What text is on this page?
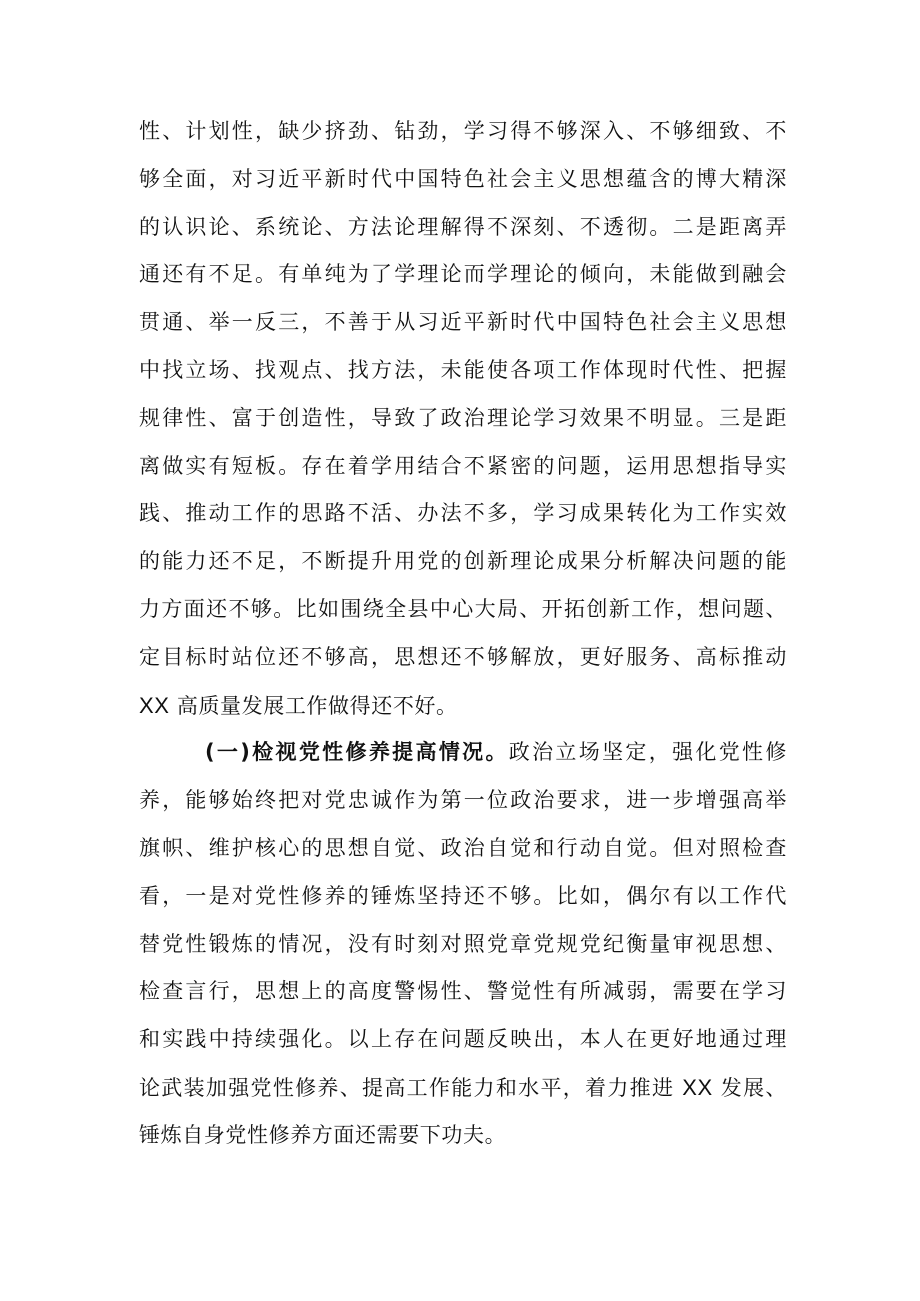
性、计划性，缺少挤劲、钻劲，学习得不够深入、不够细致、不
够全面，对习近平新时代中国特色社会主义思想蕴含的博大精深
的认识论、系统论、方法论理解得不深刻、不透彻。二是距离弄
通还有不足。有单纯为了学理论而学理论的倾向，未能做到融会
贯通、举一反三，不善于从习近平新时代中国特色社会主义思想
中找立场、找观点、找方法，未能使各项工作体现时代性、把握
规律性、富于创造性，导致了政治理论学习效果不明显。三是距
离做实有短板。存在着学用结合不紧密的问题，运用思想指导实
践、推动工作的思路不活、办法不多，学习成果转化为工作实效
的能力还不足，不断提升用党的创新理论成果分析解决问题的能
力方面还不够。比如围绕全县中心大局、开拓创新工作，想问题、
定目标时站位还不够高，思想还不够解放，更好服务、高标推动
XX 高质量发展工作做得还不好。
(一)检视党性修养提高情况。政治立场坚定，强化党性修
养，能够始终把对党忠诚作为第一位政治要求，进一步增强高举
旗帜、维护核心的思想自觉、政治自觉和行动自觉。但对照检查
看，一是对党性修养的锤炼坚持还不够。比如，偶尔有以工作代
替党性锻炼的情况，没有时刻对照党章党规党纪衡量审视思想、
检查言行，思想上的高度警惕性、警觉性有所减弱，需要在学习
和实践中持续强化。以上存在问题反映出，本人在更好地通过理
论武装加强党性修养、提高工作能力和水平，着力推进 XX 发展、
锤炼自身党性修养方面还需要下功夫。
